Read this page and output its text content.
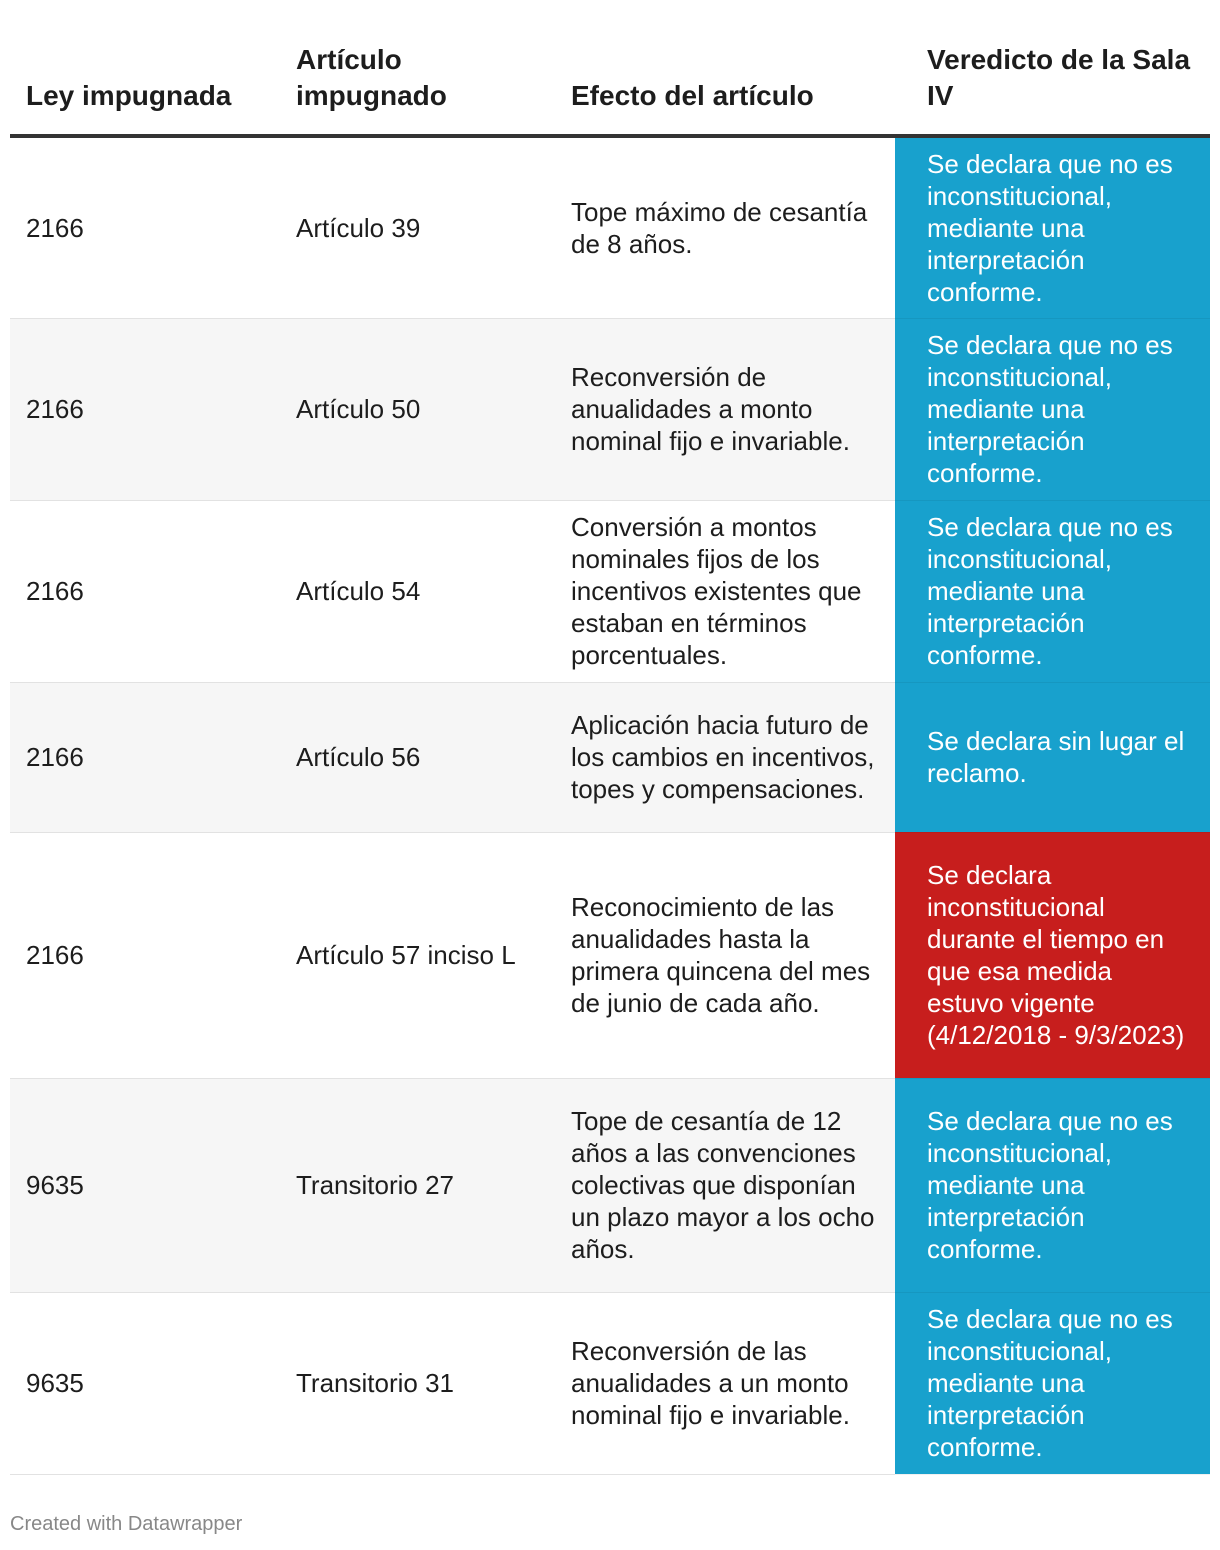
Ley impugnada	Artículo impugnado	Efecto del artículo	Veredicto de la Sala IV
2166	Artículo 39	Tope máximo de cesantía de 8 años.	Se declara que no es inconstitucional, mediante una interpretación conforme.
2166	Artículo 50	Reconversión de anualidades a monto nominal fijo e invariable.	Se declara que no es inconstitucional, mediante una interpretación conforme.
2166	Artículo 54	Conversión a montos nominales fijos de los incentivos existentes que estaban en términos porcentuales.	Se declara que no es inconstitucional, mediante una interpretación conforme.
2166	Artículo 56	Aplicación hacia futuro de los cambios en incentivos, topes y compensaciones.	Se declara sin lugar el reclamo.
2166	Artículo 57 inciso L	Reconocimiento de las anualidades hasta la primera quincena del mes de junio de cada año.	Se declara inconstitucional durante el tiempo en que esa medida estuvo vigente (4/12/2018 - 9/3/2023)
9635	Transitorio 27	Tope de cesantía de 12 años a las convenciones colectivas que disponían un plazo mayor a los ocho años.	Se declara que no es inconstitucional, mediante una interpretación conforme.
9635	Transitorio 31	Reconversión de las anualidades a un monto nominal fijo e invariable.	Se declara que no es inconstitucional, mediante una interpretación conforme.
Created with Datawrapper
